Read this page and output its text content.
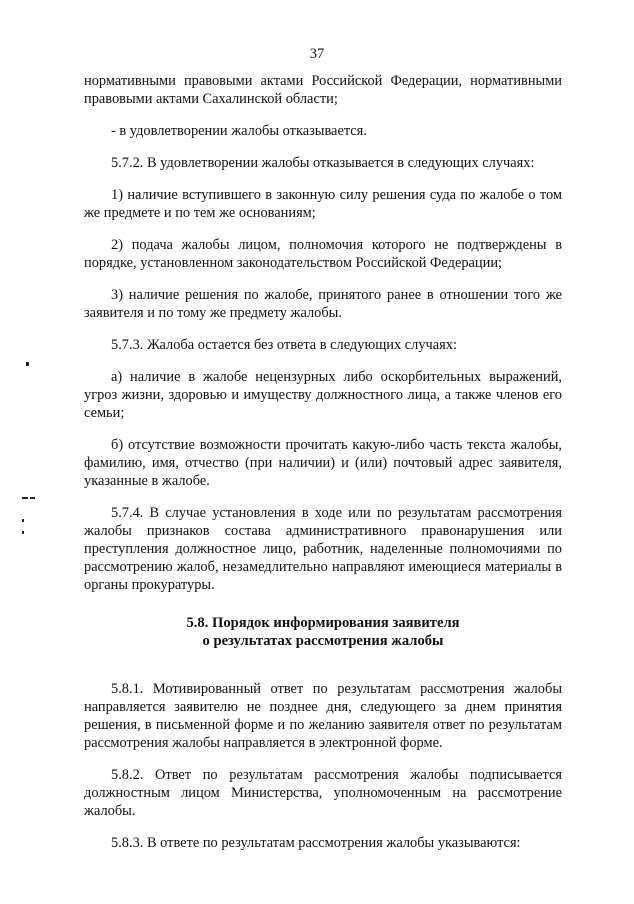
37

нормативными правовыми актами Российской Федерации, нормативными правовыми актами Сахалинской области;

- в удовлетворении жалобы отказывается.

5.7.2. В удовлетворении жалобы отказывается в следующих случаях:

1) наличие вступившего в законную силу решения суда по жалобе о том же предмете и по тем же основаниям;

2) подача жалобы лицом, полномочия которого не подтверждены в порядке, установленном законодательством Российской Федерации;

3) наличие решения по жалобе, принятого ранее в отношении того же заявителя и по тому же предмету жалобы.

5.7.3. Жалоба остается без ответа в следующих случаях:

а) наличие в жалобе нецензурных либо оскорбительных выражений, угроз жизни, здоровью и имуществу должностного лица, а также членов его семьи;

б) отсутствие возможности прочитать какую-либо часть текста жалобы, фамилию, имя, отчество (при наличии) и (или) почтовый адрес заявителя, указанные в жалобе.

5.7.4. В случае установления в ходе или по результатам рассмотрения жалобы признаков состава административного правонарушения или преступления должностное лицо, работник, наделенные полномочиями по рассмотрению жалоб, незамедлительно направляют имеющиеся материалы в органы прокуратуры.

5.8. Порядок информирования заявителя
о результатах рассмотрения жалобы

5.8.1. Мотивированный ответ по результатам рассмотрения жалобы направляется заявителю не позднее дня, следующего за днем принятия решения, в письменной форме и по желанию заявителя ответ по результатам рассмотрения жалобы направляется в электронной форме.

5.8.2. Ответ по результатам рассмотрения жалобы подписывается должностным лицом Министерства, уполномоченным на рассмотрение жалобы.

5.8.3. В ответе по результатам рассмотрения жалобы указываются:
